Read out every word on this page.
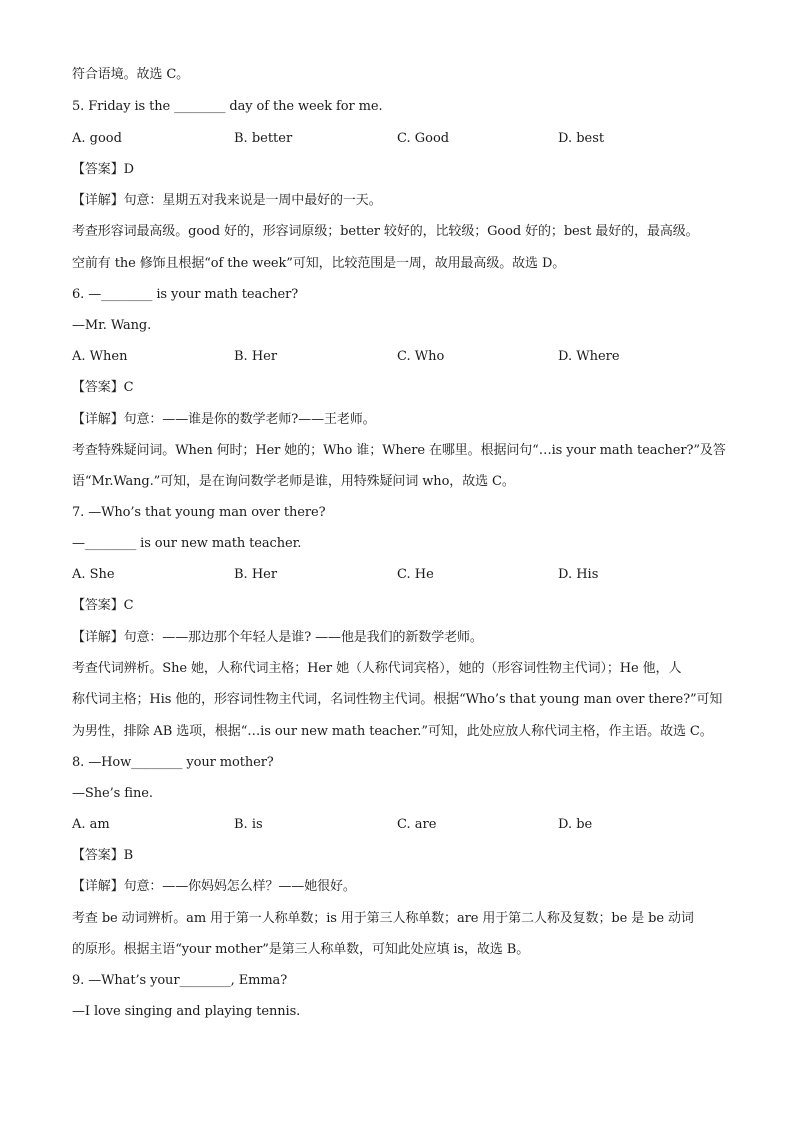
符合语境。故选 C。
5. Friday is the ________ day of the week for me.
A. good	B. better	C. Good	D. best
【答案】D
【详解】句意：星期五对我来说是一周中最好的一天。
考查形容词最高级。good 好的，形容词原级；better 较好的，比较级；Good 好的；best 最好的，最高级。
空前有 the 修饰且根据“of the week”可知，比较范围是一周，故用最高级。故选 D。
6. —________ is your math teacher?
—Mr. Wang.
A. When	B. Her	C. Who	D. Where
【答案】C
【详解】句意：——谁是你的数学老师?——王老师。
考查特殊疑问词。When 何时；Her 她的；Who 谁；Where 在哪里。根据问句“…is your math teacher?”及答
语“Mr.Wang.”可知，是在询问数学老师是谁，用特殊疑问词 who，故选 C。
7. —Who’s that young man over there?
—________ is our new math teacher.
A. She	B. Her	C. He	D. His
【答案】C
【详解】句意：——那边那个年轻人是谁? ——他是我们的新数学老师。
考查代词辨析。She 她，人称代词主格；Her 她（人称代词宾格），她的（形容词性物主代词）；He 他，人
称代词主格；His 他的，形容词性物主代词，名词性物主代词。根据“Who’s that young man over there?”可知
为男性，排除 AB 选项，根据“…is our new math teacher.”可知，此处应放人称代词主格，作主语。故选 C。
8. —How________ your mother?
—She’s fine.
A. am	B. is	C. are	D. be
【答案】B
【详解】句意：——你妈妈怎么样？——她很好。
考查 be 动词辨析。am 用于第一人称单数；is 用于第三人称单数；are 用于第二人称及复数；be 是 be 动词
的原形。根据主语“your mother”是第三人称单数，可知此处应填 is，故选 B。
9. —What’s your________, Emma?
—I love singing and playing tennis.
